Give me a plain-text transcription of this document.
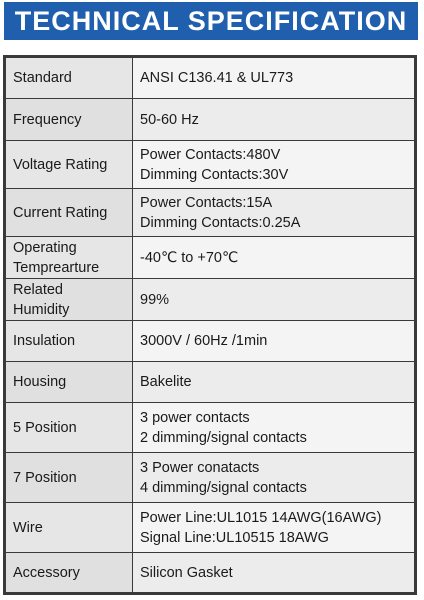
TECHNICAL SPECIFICATION
Standard	ANSI C136.41 & UL773

Frequency	50-60 Hz

Voltage Rating	Power Contacts:480V
Dimming Contacts:30V

Current Rating	Power Contacts:15A
Dimming Contacts:0.25A

Operating
Temprearture	-40℃ to +70℃

Related
Humidity	99%

Insulation	3000V / 60Hz /1min

Housing	Bakelite

5 Position	3 power contacts
2 dimming/signal contacts

7 Position	3 Power conatacts
4 dimming/signal contacts

Wire	Power Line:UL1015 14AWG(16AWG)
Signal Line:UL10515 18AWG

Accessory	Silicon Gasket
